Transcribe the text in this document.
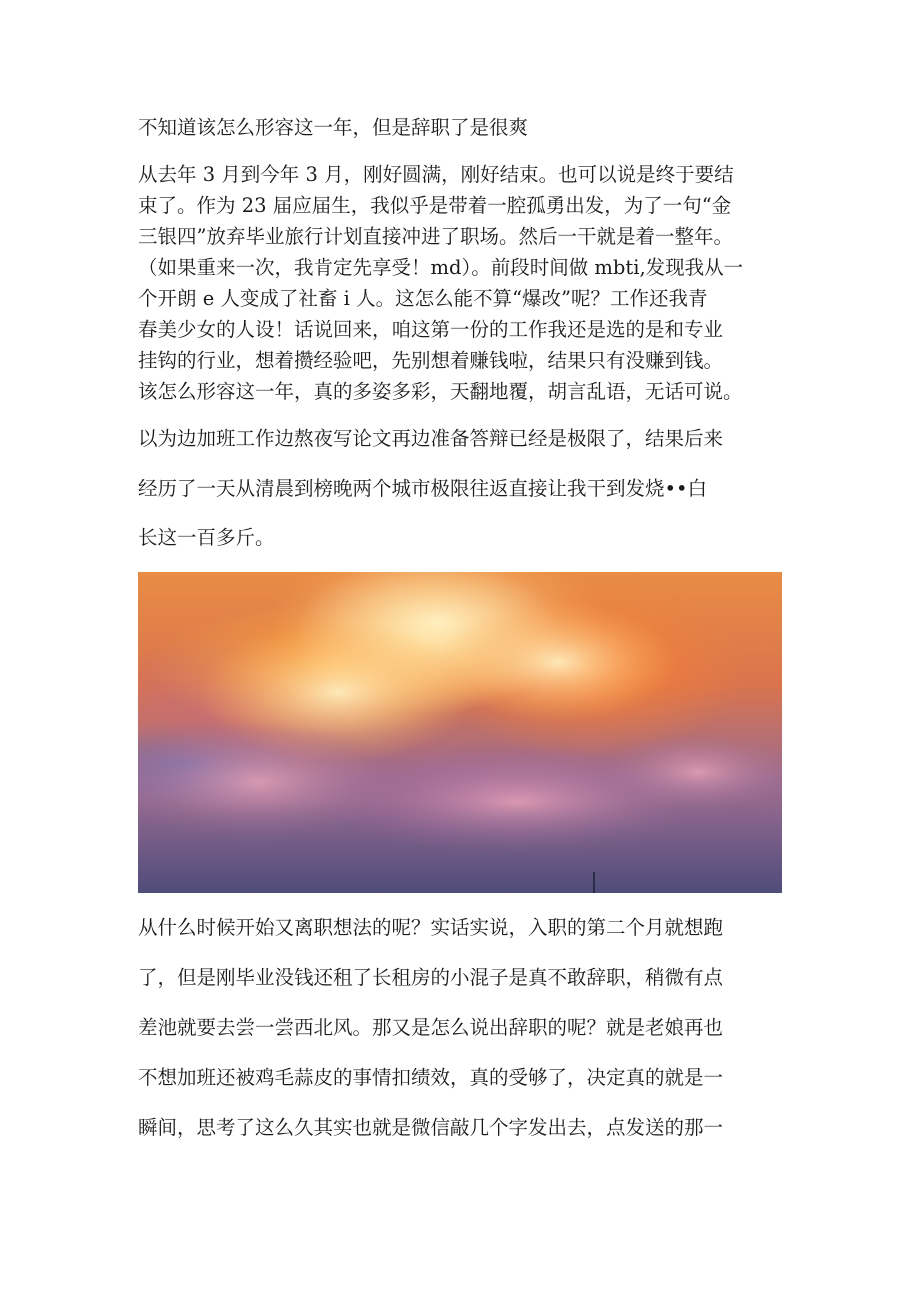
不知道该怎么形容这一年，但是辞职了是很爽
从去年 3 月到今年 3 月，刚好圆满，刚好结束。也可以说是终于要结
束了。作为 23 届应届生，我似乎是带着一腔孤勇出发，为了一句“金
三银四”放弃毕业旅行计划直接冲进了职场。然后一干就是着一整年。
（如果重来一次，我肯定先享受！md）。前段时间做 mbti,发现我从一
个开朗 e 人变成了社畜 i 人。这怎么能不算“爆改”呢？工作还我青
春美少女的人设！话说回来，咱这第一份的工作我还是选的是和专业
挂钩的行业，想着攒经验吧，先别想着赚钱啦，结果只有没赚到钱。
该怎么形容这一年，真的多姿多彩，天翻地覆，胡言乱语，无话可说。
以为边加班工作边熬夜写论文再边准备答辩已经是极限了，结果后来
经历了一天从清晨到榜晚两个城市极限往返直接让我干到发烧••白
长这一百多斤。
从什么时候开始又离职想法的呢？实话实说，入职的第二个月就想跑
了，但是刚毕业没钱还租了长租房的小混子是真不敢辞职，稍微有点
差池就要去尝一尝西北风。那又是怎么说出辞职的呢？就是老娘再也
不想加班还被鸡毛蒜皮的事情扣绩效，真的受够了，决定真的就是一
瞬间，思考了这么久其实也就是微信敲几个字发出去，点发送的那一
